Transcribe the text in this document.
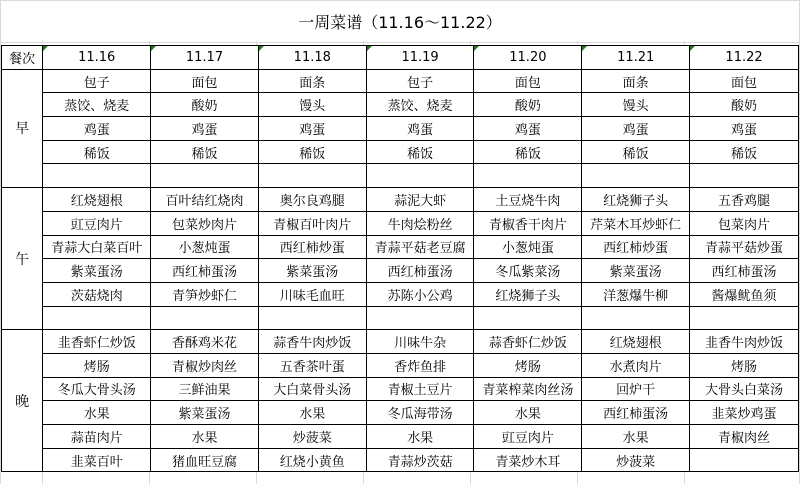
一周菜谱（11.16～11.22）
餐次	11.16	11.17	11.18	11.19	11.20	11.21	11.22
早	包子	面包	面条	包子	面包	面条	面包
	蒸饺、烧麦	酸奶	馒头	蒸饺、烧麦	酸奶	馒头	酸奶
	鸡蛋	鸡蛋	鸡蛋	鸡蛋	鸡蛋	鸡蛋	鸡蛋
	稀饭	稀饭	稀饭	稀饭	稀饭	稀饭	稀饭

午	红烧翅根	百叶结红烧肉	奥尔良鸡腿	蒜泥大虾	土豆烧牛肉	红烧狮子头	五香鸡腿
	豇豆肉片	包菜炒肉片	青椒百叶肉片	牛肉烩粉丝	青椒香干肉片	芹菜木耳炒虾仁	包菜肉片
	青蒜大白菜百叶	小葱炖蛋	西红柿炒蛋	青蒜平菇老豆腐	小葱炖蛋	西红柿炒蛋	青蒜平菇炒蛋
	紫菜蛋汤	西红柿蛋汤	紫菜蛋汤	西红柿蛋汤	冬瓜紫菜汤	紫菜蛋汤	西红柿蛋汤
	茨菇烧肉	青笋炒虾仁	川味毛血旺	苏陈小公鸡	红烧狮子头	洋葱爆牛柳	酱爆鱿鱼须

晚	韭香虾仁炒饭	香酥鸡米花	蒜香牛肉炒饭	川味牛杂	蒜香虾仁炒饭	红烧翅根	韭香牛肉炒饭
	烤肠	青椒炒肉丝	五香茶叶蛋	香炸鱼排	烤肠	水煮肉片	烤肠
	冬瓜大骨头汤	三鲜油果	大白菜骨头汤	青椒土豆片	青菜榨菜肉丝汤	回炉干	大骨头白菜汤
	水果	紫菜蛋汤	水果	冬瓜海带汤	水果	西红柿蛋汤	韭菜炒鸡蛋
	蒜苗肉片	水果	炒菠菜	水果	豇豆肉片	水果	青椒肉丝
	韭菜百叶	猪血旺豆腐	红烧小黄鱼	青蒜炒茨菇	青菜炒木耳	炒菠菜	
